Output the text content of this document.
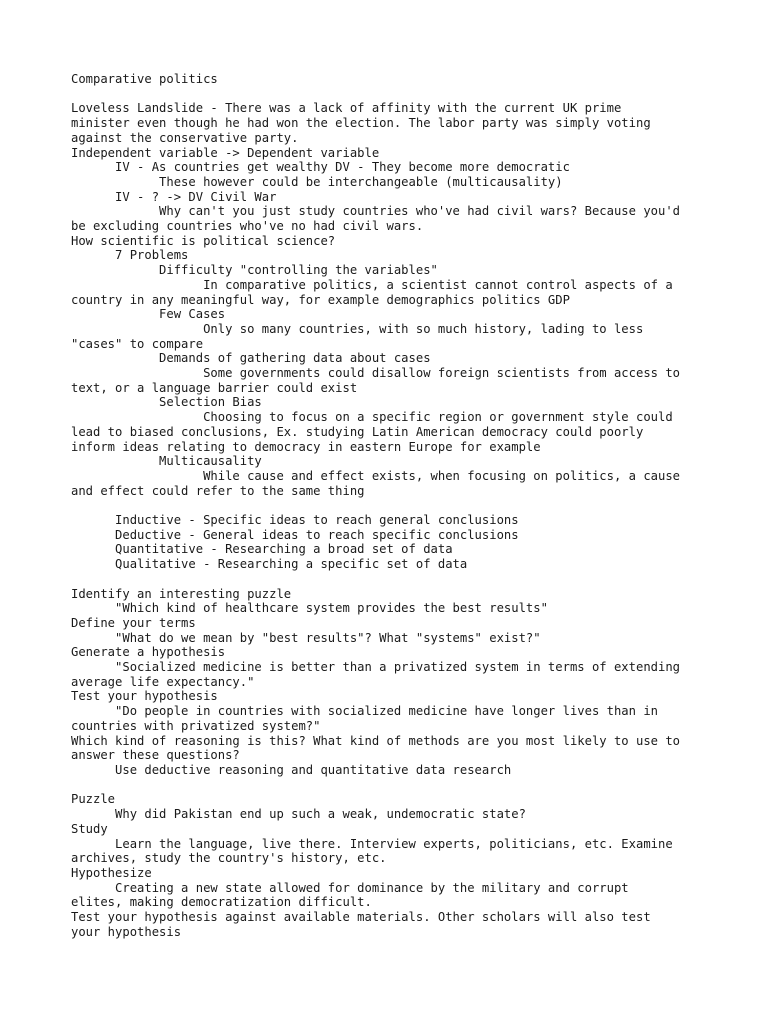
Comparative politics
Loveless Landslide - There was a lack of affinity with the current UK prime
minister even though he had won the election. The labor party was simply voting
against the conservative party.
Independent variable -> Dependent variable
IV - As countries get wealthy DV - They become more democratic
These however could be interchangeable (multicausality)
IV - ? -> DV Civil War
Why can't you just study countries who've had civil wars? Because you'd
be excluding countries who've no had civil wars.
How scientific is political science?
7 Problems
Difficulty "controlling the variables"
In comparative politics, a scientist cannot control aspects of a
country in any meaningful way, for example demographics politics GDP
Few Cases
Only so many countries, with so much history, lading to less
"cases" to compare
Demands of gathering data about cases
Some governments could disallow foreign scientists from access to
text, or a language barrier could exist
Selection Bias
Choosing to focus on a specific region or government style could
lead to biased conclusions, Ex. studying Latin American democracy could poorly
inform ideas relating to democracy in eastern Europe for example
Multicausality
While cause and effect exists, when focusing on politics, a cause
and effect could refer to the same thing
Inductive - Specific ideas to reach general conclusions
Deductive - General ideas to reach specific conclusions
Quantitative - Researching a broad set of data
Qualitative - Researching a specific set of data
Identify an interesting puzzle
"Which kind of healthcare system provides the best results"
Define your terms
"What do we mean by "best results"? What "systems" exist?"
Generate a hypothesis
"Socialized medicine is better than a privatized system in terms of extending
average life expectancy."
Test your hypothesis
"Do people in countries with socialized medicine have longer lives than in
countries with privatized system?"
Which kind of reasoning is this? What kind of methods are you most likely to use to
answer these questions?
Use deductive reasoning and quantitative data research
Puzzle
Why did Pakistan end up such a weak, undemocratic state?
Study
Learn the language, live there. Interview experts, politicians, etc. Examine
archives, study the country's history, etc.
Hypothesize
Creating a new state allowed for dominance by the military and corrupt
elites, making democratization difficult.
Test your hypothesis against available materials. Other scholars will also test
your hypothesis
